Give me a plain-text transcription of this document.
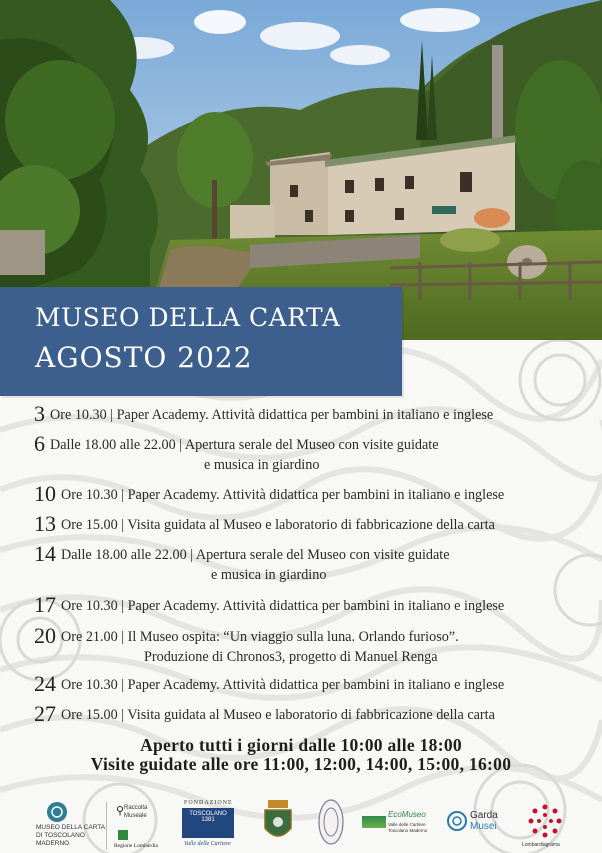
MUSEO DELLA CARTA
AGOSTO 2022
3 Ore 10.30 | Paper Academy. Attività didattica per bambini in italiano e inglese
6 Dalle 18.00 alle 22.00 | Apertura serale del Museo con visite guidate
e musica in giardino
10 Ore 10.30 | Paper Academy. Attività didattica per bambini in italiano e inglese
13 Ore 15.00 | Visita guidata al Museo e laboratorio di fabbricazione della carta
14 Dalle 18.00 alle 22.00 | Apertura serale del Museo con visite guidate
e musica in giardino
17 Ore 10.30 | Paper Academy. Attività didattica per bambini in italiano e inglese
20 Ore 21.00 | Il Museo ospita: “Un viaggio sulla luna. Orlando furioso”.
Produzione di Chronos3, progetto di Manuel Renga
24 Ore 10.30 | Paper Academy. Attività didattica per bambini in italiano e inglese
27 Ore 15.00 | Visita guidata al Museo e laboratorio di fabbricazione della carta
Aperto tutti i giorni dalle 10:00 alle 18:00
Visite guidate alle ore 11:00, 12:00, 14:00, 15:00, 16:00
MUSEO DELLA CARTA
DI TOSCOLANO
MADERNO
⚲ Raccolta
Museale
Regione Lombardia
FONDAZIONE
TOSCOLANO 1381
Valle delle Cartiere
EcoMuseo
Valle delle Cartiere
Toscolano Maderno
Garda
Musei
Lombardiagrama
